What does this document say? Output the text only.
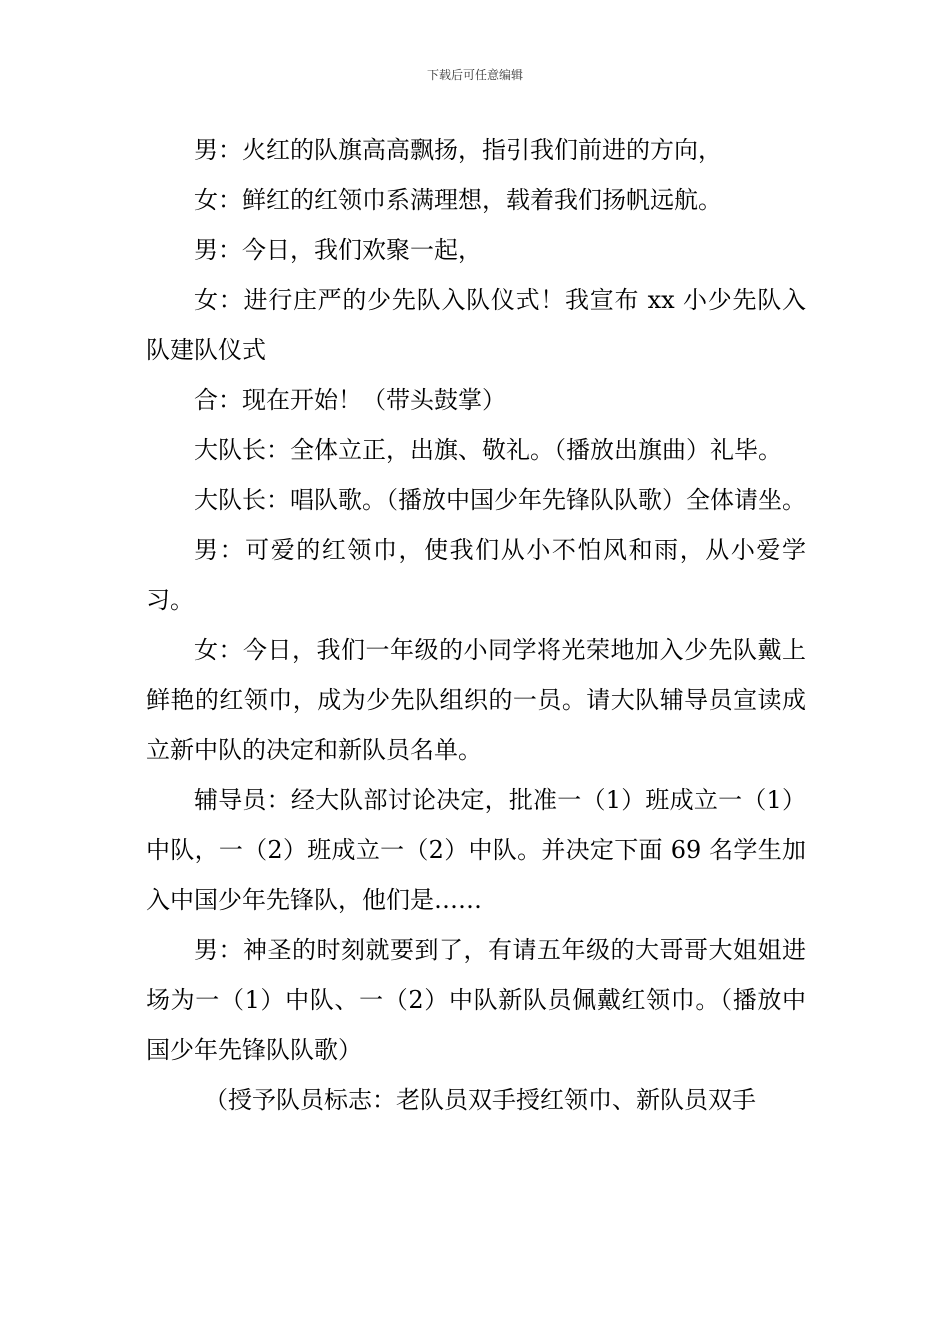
下载后可任意编辑

男：火红的队旗高高飘扬，指引我们前进的方向，

女：鲜红的红领巾系满理想，载着我们扬帆远航。

男：今日，我们欢聚一起，

女：进行庄严的少先队入队仪式！我宣布 xx 小少先队入队建队仪式

合：现在开始！（带头鼓掌）

大队长：全体立正，出旗、敬礼。（播放出旗曲）礼毕。

大队长：唱队歌。（播放中国少年先锋队队歌）全体请坐。

男：可爱的红领巾，使我们从小不怕风和雨，从小爱学习。

女：今日，我们一年级的小同学将光荣地加入少先队戴上鲜艳的红领巾，成为少先队组织的一员。请大队辅导员宣读成立新中队的决定和新队员名单。

辅导员：经大队部讨论决定，批准一（1）班成立一（1）中队，一（2）班成立一（2）中队。并决定下面 69 名学生加入中国少年先锋队，他们是……

男：神圣的时刻就要到了，有请五年级的大哥哥大姐姐进场为一（1）中队、一（2）中队新队员佩戴红领巾。（播放中国少年先锋队队歌）

（授予队员标志：老队员双手授红领巾、新队员双手
